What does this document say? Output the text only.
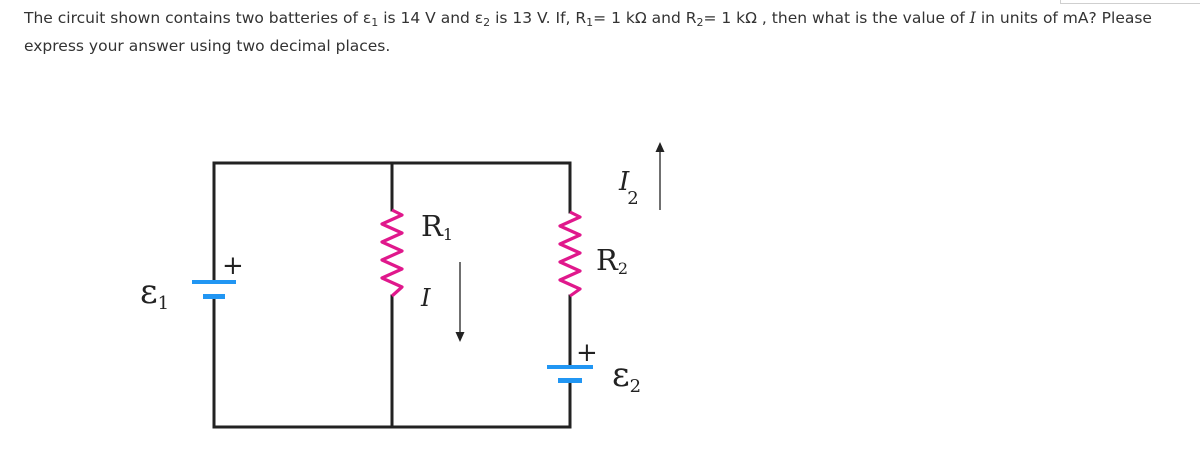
The circuit shown contains two batteries of $\varepsilon_1$ is 14 V and $\varepsilon_2$ is 13 V. If, $R_1= 1$ kΩ and $R_2= 1$ kΩ , then what is the value of I in units of mA? Please express your answer using two decimal places.
+
+
ε1
ε2
R1
R2
I
I 2
